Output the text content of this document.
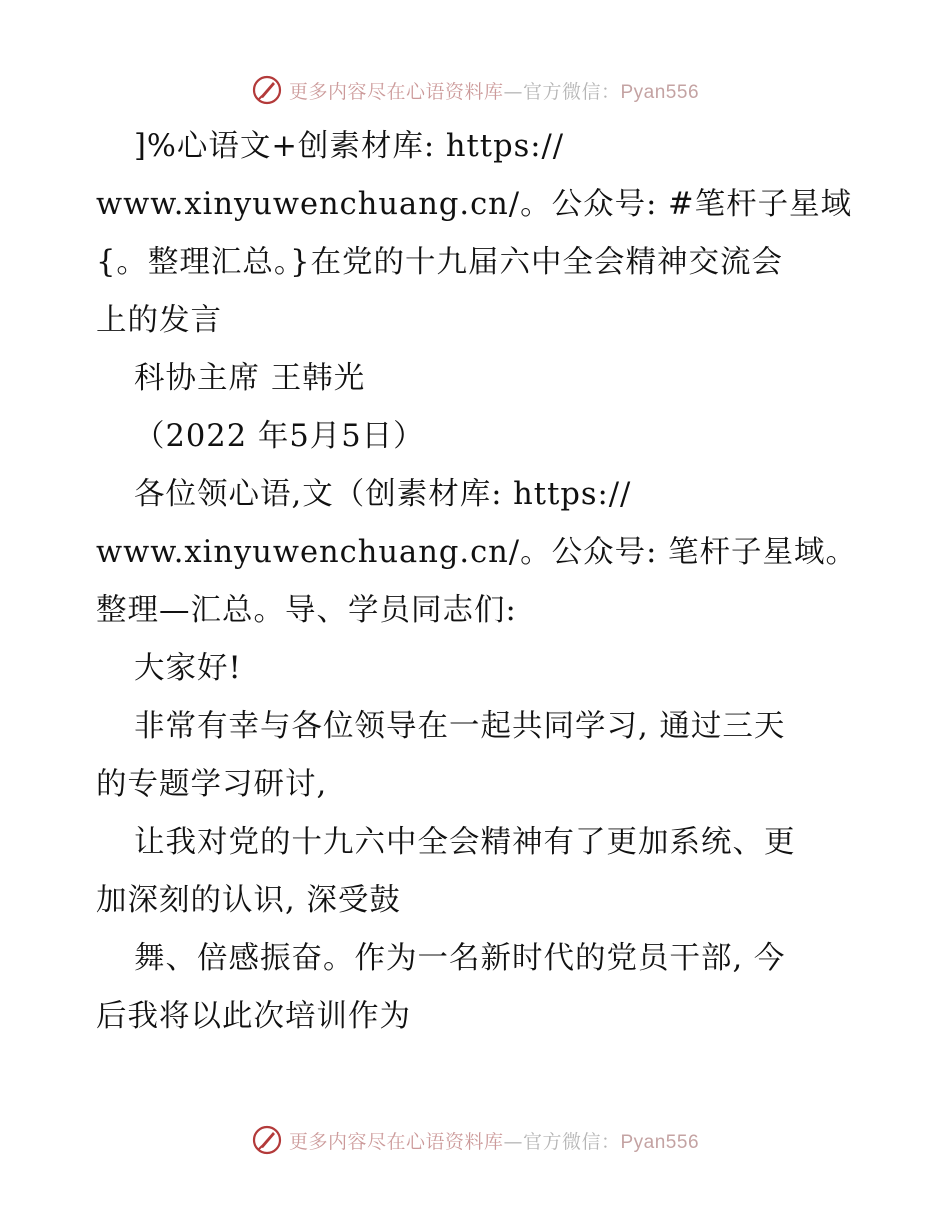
更多内容尽在心语资料库—官方微信：Pyan556
]%心语文+创素材库: https://
www.xinyuwenchuang.cn/。公众号: #笔杆子星域
{。整理汇总。}在党的十九届六中全会精神交流会
上的发言
科协主席 王韩光
（2022 年5月5日）
各位领心语,文（创素材库: https://
www.xinyuwenchuang.cn/。公众号: 笔杆子星域。
整理—汇总。导、学员同志们:
大家好!
非常有幸与各位领导在一起共同学习, 通过三天
的专题学习研讨,
让我对党的十九六中全会精神有了更加系统、更
加深刻的认识, 深受鼓
舞、倍感振奋。作为一名新时代的党员干部, 今
后我将以此次培训作为
更多内容尽在心语资料库—官方微信：Pyan556
